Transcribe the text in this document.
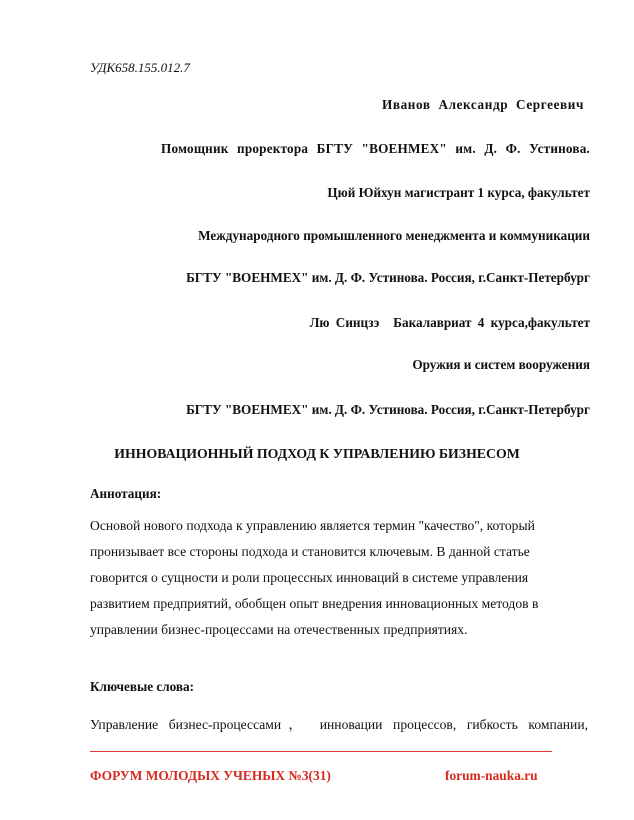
УДК658.155.012.7
Иванов Александр Сергеевич
Помощник проректора БГТУ "ВОЕНМЕХ" им. Д. Ф. Устинова.
Цюй Юйхун магистрант 1 курса, факультет
Международного промышленного менеджмента и коммуникации
БГТУ "ВОЕНМЕХ" им. Д. Ф. Устинова. Россия, г.Санкт-Петербург
Лю Синцзэ Бакалавриат 4 курса,факультет
Оружия и систем вооружения
БГТУ "ВОЕНМЕХ" им. Д. Ф. Устинова. Россия, г.Санкт-Петербург
ИННОВАЦИОННЫЙ ПОДХОД К УПРАВЛЕНИЮ БИЗНЕСОМ
Аннотация:
Основой нового подхода к управлению является термин "качество", который
пронизывает все стороны подхода и становится ключевым. В данной статье
говорится о сущности и роли процессных инноваций в системе управления
развитием предприятий, обобщен опыт внедрения инновационных методов в
управлении бизнес-процессами на отечественных предприятиях.
Ключевые слова:
Управление бизнес-процессами， инновации процессов, гибкость компании,
ФОРУМ МОЛОДЫХ УЧЕНЫХ №3(31)	forum-nauka.ru
